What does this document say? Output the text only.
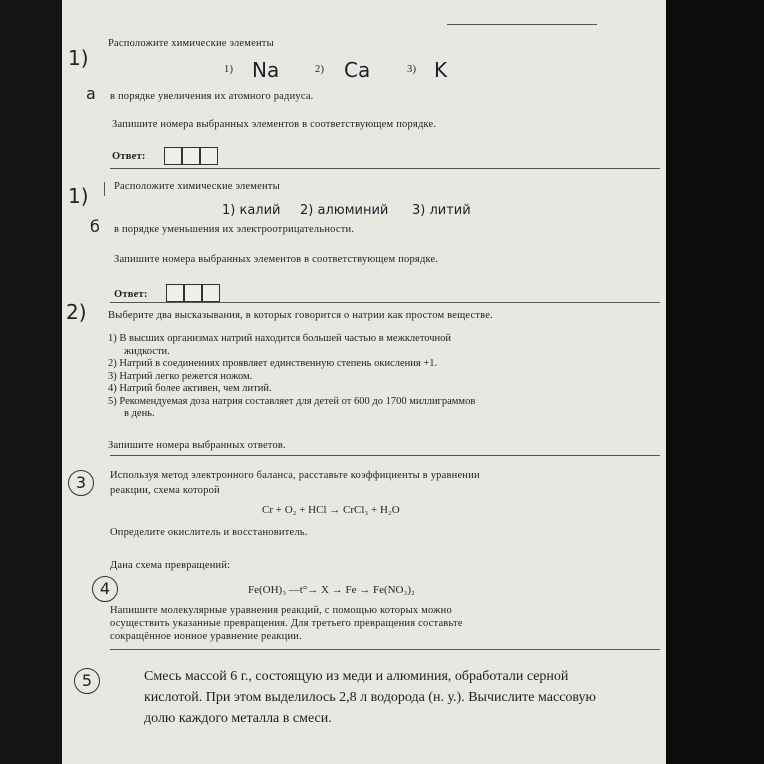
1)
a
Расположите химические элементы
1) Na	2) Ca	3) K
в порядке увеличения их атомного радиуса.
Запишите номера выбранных элементов в соответствующем порядке.
Ответ:
1)
б
Расположите химические элементы
1) калий 2) алюминий 3) литий
в порядке уменьшения их электроотрицательности.
Запишите номера выбранных элементов в соответствующем порядке.
Ответ:
2) Выберите два высказывания, в которых говорится о натрии как простом веществе.
1) В высших организмах натрий находится большей частью в межклеточной
жидкости.
2) Натрий в соединениях проявляет единственную степень окисления +1.
3) Натрий легко режется ножом.
4) Натрий более активен, чем литий.
5) Рекомендуемая доза натрия составляет для детей от 600 до 1700 миллиграммов
в день.
Запишите номера выбранных ответов.
3	Используя метод электронного баланса, расставьте коэффициенты в уравнении
реакции, схема которой
Cr + O₂ + HCl → CrCl₃ + H₂O
Определите окислитель и восстановитель.
4
Дана схема превращений:
Fe(OH)₃ —t°→ X → Fe → Fe(NO₃)₂
Напишите молекулярные уравнения реакций, с помощью которых можно
осуществить указанные превращения. Для третьего превращения составьте
сокращённое ионное уравнение реакции.
5	Смесь массой 6 г., состоящую из меди и алюминия, обработали серной
кислотой. При этом выделилось 2,8 л водорода (н. у.). Вычислите массовую
долю каждого металла в смеси.
